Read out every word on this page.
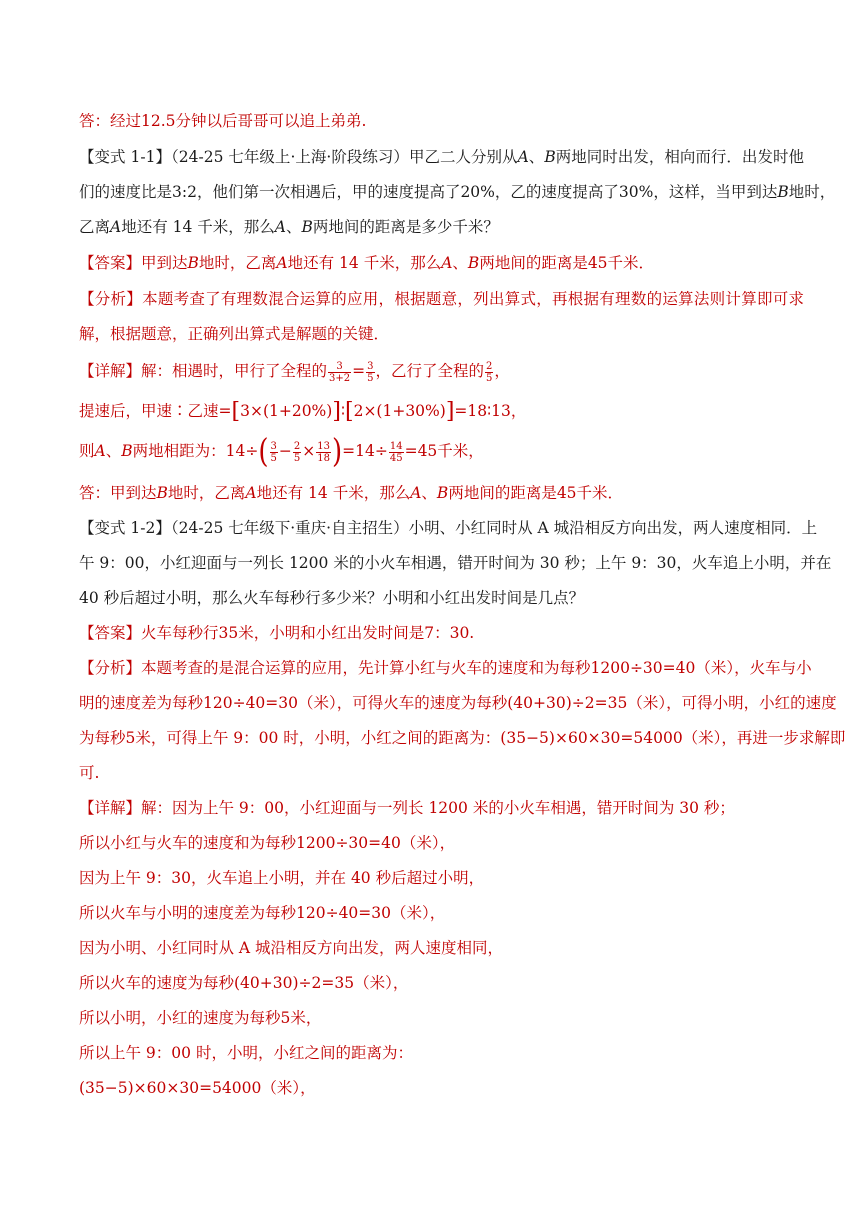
答：经过12.5分钟以后哥哥可以追上弟弟.
【变式 1-1】（24-25 七年级上·上海·阶段练习）甲乙二人分别从A、B两地同时出发，相向而行．出发时他
们的速度比是3:2，他们第一次相遇后，甲的速度提高了20%，乙的速度提高了30%，这样，当甲到达B地时，
乙离A地还有 14 千米，那么A、B两地间的距离是多少千米？
【答案】甲到达B地时，乙离A地还有 14 千米，那么A、B两地间的距离是45千米．
【分析】本题考查了有理数混合运算的应用，根据题意，列出算式，再根据有理数的运算法则计算即可求
解，根据题意，正确列出算式是解题的关键．
【详解】解：相遇时，甲行了全程的 $\frac{3}{3+2} = \frac{3}{5}$ ，乙行了全程的 $\frac{2}{5}$ ，
提速后，甲速∶乙速=[3×(1+20%)]∶[2×(1+30%)]=18∶13，
则A、B两地相距为：$14\div( \frac{3}{5} - \frac{2}{5} \times \frac{13}{18} )=14\div \frac{14}{45} =45$千米，
答：甲到达B地时，乙离A地还有 14 千米，那么A、B两地间的距离是45千米．
【变式 1-2】（24-25 七年级下·重庆·自主招生）小明、小红同时从 A 城沿相反方向出发，两人速度相同．上
午 9：00，小红迎面与一列长 1200 米的小火车相遇，错开时间为 30 秒；上午 9：30，火车追上小明，并在
40 秒后超过小明，那么火车每秒行多少米？小明和小红出发时间是几点？
【答案】火车每秒行35米，小明和小红出发时间是7：30.
【分析】本题考查的是混合运算的应用，先计算小红与火车的速度和为每秒1200÷30=40（米），火车与小
明的速度差为每秒120÷40=30（米），可得火车的速度为每秒(40+30)÷2=35（米），可得小明，小红的速度
为每秒5米，可得上午 9：00 时，小明，小红之间的距离为：(35−5)×60×30=54000（米），再进一步求解即
可.
【详解】解：因为上午 9：00，小红迎面与一列长 1200 米的小火车相遇，错开时间为 30 秒；
所以小红与火车的速度和为每秒1200÷30=40（米），
因为上午 9：30，火车追上小明，并在 40 秒后超过小明，
所以火车与小明的速度差为每秒120÷40=30（米），
因为小明、小红同时从 A 城沿相反方向出发，两人速度相同，
所以火车的速度为每秒(40+30)÷2=35（米），
所以小明，小红的速度为每秒5米，
所以上午 9：00 时，小明，小红之间的距离为：
(35−5)×60×30=54000（米），
